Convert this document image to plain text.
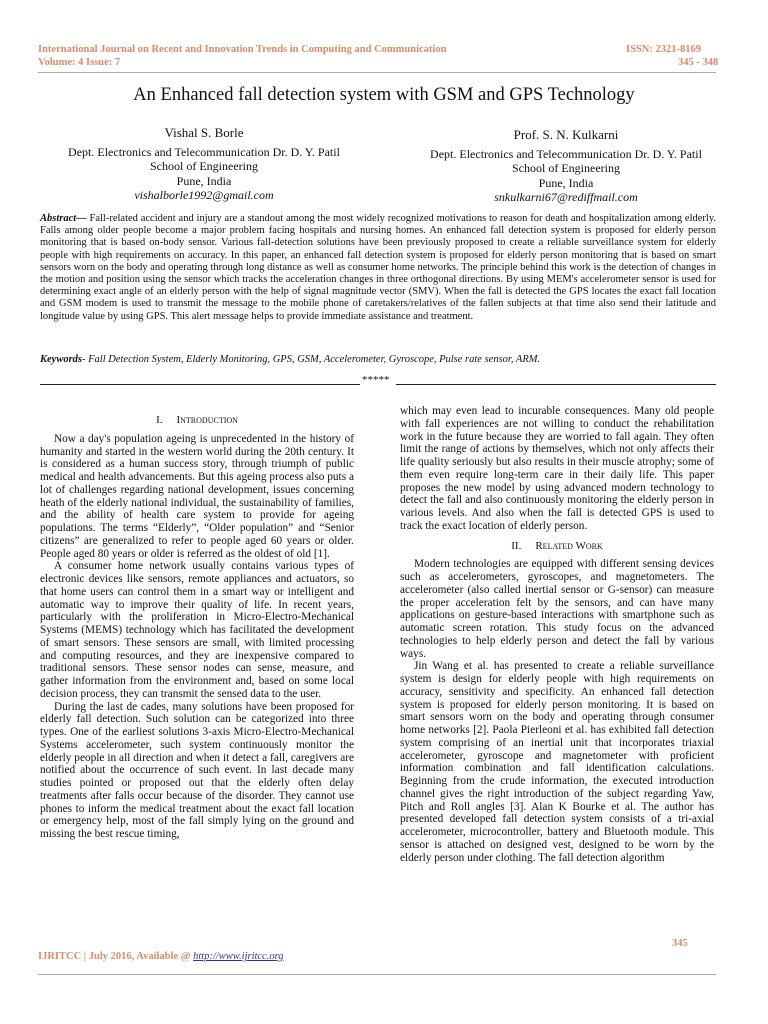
International Journal on Recent and Innovation Trends in Computing and Communication
Volume: 4 Issue: 7
ISSN: 2321-8169
345 - 348
An Enhanced fall detection system with GSM and GPS Technology
Vishal S. Borle
Dept. Electronics and Telecommunication Dr. D. Y. Patil
School of Engineering
Pune, India
vishalborle1992@gmail.com
Prof. S. N. Kulkarni
Dept. Electronics and Telecommunication Dr. D. Y. Patil
School of Engineering
Pune, India
snkulkarni67@rediffmail.com
Abstract— Fall-related accident and injury are a standout among the most widely recognized motivations to reason for death and hospitalization among elderly. Falls among older people become a major problem facing hospitals and nursing homes. An enhanced fall detection system is proposed for elderly person monitoring that is based on-body sensor. Various fall-detection solutions have been previously proposed to create a reliable surveillance system for elderly people with high requirements on accuracy. In this paper, an enhanced fall detection system is proposed for elderly person monitoring that is based on smart sensors worn on the body and operating through long distance as well as consumer home networks. The principle behind this work is the detection of changes in the motion and position using the sensor which tracks the acceleration changes in three orthogonal directions. By using MEM's accelerometer sensor is used for determining exact angle of an elderly person with the help of signal magnitude vector (SMV). When the fall is detected the GPS locates the exact fall location and GSM modem is used to transmit the message to the mobile phone of caretakers/relatives of the fallen subjects at that time also send their latitude and longitude value by using GPS. This alert message helps to provide immediate assistance and treatment.
Keywords- Fall Detection System, Elderly Monitoring, GPS, GSM, Accelerometer, Gyroscope, Pulse rate sensor, ARM.
*****
I. Introduction

Now a day's population ageing is unprecedented in the history of humanity and started in the western world during the 20th century. It is considered as a human success story, through triumph of public medical and health advancements. But this ageing process also puts a lot of challenges regarding national development, issues concerning heath of the elderly national individual, the sustainability of families, and the ability of health care system to provide for ageing populations. The terms “Elderly”, “Older population” and “Senior citizens” are generalized to refer to people aged 60 years or older. People aged 80 years or older is referred as the oldest of old [1].

A consumer home network usually contains various types of electronic devices like sensors, remote appliances and actuators, so that home users can control them in a smart way or intelligent and automatic way to improve their quality of life. In recent years, particularly with the proliferation in Micro-Electro-Mechanical Systems (MEMS) technology which has facilitated the development of smart sensors. These sensors are small, with limited processing and computing resources, and they are inexpensive compared to traditional sensors. These sensor nodes can sense, measure, and gather information from the environment and, based on some local decision process, they can transmit the sensed data to the user.

During the last de cades, many solutions have been proposed for elderly fall detection. Such solution can be categorized into three types. One of the earliest solutions 3-axis Micro-Electro-Mechanical Systems accelerometer, such system continuously monitor the elderly people in all direction and when it detect a fall, caregivers are notified about the occurrence of such event. In last decade many studies pointed or proposed out that the elderly often delay treatments after falls occur because of the disorder. They cannot use phones to inform the medical treatment about the exact fall location or emergency help, most of the fall simply lying on the ground and missing the best rescue timing,

which may even lead to incurable consequences. Many old people with fall experiences are not willing to conduct the rehabilitation work in the future because they are worried to fall again. They often limit the range of actions by themselves, which not only affects their life quality seriously but also results in their muscle atrophy; some of them even require long-term care in their daily life. This paper proposes the new model by using advanced modern technology to detect the fall and also continuously monitoring the elderly person in various levels. And also when the fall is detected GPS is used to track the exact location of elderly person.

II. Related Work

Modern technologies are equipped with different sensing devices such as accelerometers, gyroscopes, and magnetometers. The accelerometer (also called inertial sensor or G-sensor) can measure the proper acceleration felt by the sensors, and can have many applications on gesture-based interactions with smartphone such as automatic screen rotation. This study focus on the advanced technologies to help elderly person and detect the fall by various ways.

Jin Wang et al. has presented to create a reliable surveillance system is design for elderly people with high requirements on accuracy, sensitivity and specificity. An enhanced fall detection system is proposed for elderly person monitoring. It is based on smart sensors worn on the body and operating through consumer home networks [2]. Paola Pierleoni et al. has exhibited fall detection system comprising of an inertial unit that incorporates triaxial accelerometer, gyroscope and magnetometer with proficient information combination and fall identification calculations. Beginning from the crude information, the executed introduction channel gives the right introduction of the subject regarding Yaw, Pitch and Roll angles [3]. Alan K Bourke et al. The author has presented developed fall detection system consists of a tri-axial accelerometer, microcontroller, battery and Bluetooth module. This sensor is attached on designed vest, designed to be worn by the elderly person under clothing. The fall detection algorithm

345
IJRITCC | July 2016, Available @ http://www.ijritcc.org
